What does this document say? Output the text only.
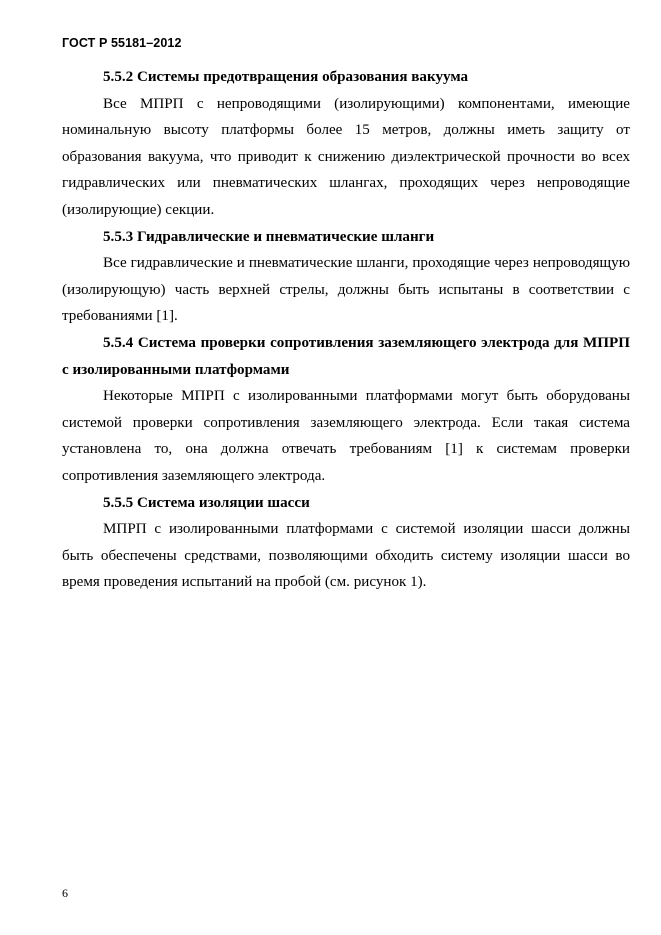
ГОСТ Р 55181–2012
5.5.2 Системы предотвращения образования вакуума

Все МПРП с непроводящими (изолирующими) компонентами, имеющие номинальную высоту платформы более 15 метров, должны иметь защиту от образования вакуума, что приводит к снижению диэлектрической прочности во всех гидравлических или пневматических шлангах, проходящих через непроводящие (изолирующие) секции.

5.5.3 Гидравлические и пневматические шланги

Все гидравлические и пневматические шланги, проходящие через непроводящую (изолирующую) часть верхней стрелы, должны быть испытаны в соответствии с требованиями [1].

5.5.4 Система проверки сопротивления заземляющего электрода для МПРП с изолированными платформами

Некоторые МПРП с изолированными платформами могут быть оборудованы системой проверки сопротивления заземляющего электрода. Если такая система установлена то, она должна отвечать требованиям [1] к системам проверки сопротивления заземляющего электрода.

5.5.5 Система изоляции шасси

МПРП с изолированными платформами с системой изоляции шасси должны быть обеспечены средствами, позволяющими обходить систему изоляции шасси во время проведения испытаний на пробой (см. рисунок 1).

6
